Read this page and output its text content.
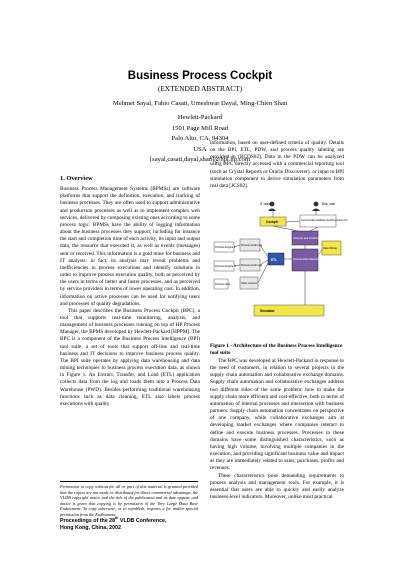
Business Process Cockpit
(EXTENDED ABSTRACT)
Mehmet Sayal, Fabio Casati, Umeshwar Dayal, Ming-Chien Shan
Hewlett-Packard
1501 Page Mill Road
Palo Alto, CA, 94304
USA
[sayal,casati,dayal,shan]@hpl.hp.com
1. Overview

Business Process Management Systems (BPMSs) are software platforms that support the definition, execution, and tracking of business processes. They are often used to support administrative and production processes as well as to implement complex web services, delivered by composing existing ones according to some process logic. BPMSs have the ability of logging information about the business processes they support, including for instance the start and completion time of each activity, its input and output data, the resource that executed it, as well as events (messages) sent or received. This information is a gold mine for business and IT analysts: in fact, its analysis may reveal problems and inefficiencies in process executions and identify solutions in order to improve process execution quality, both as perceived by the users in terms of better and faster processes, and as perceived by service providers in terms of lower operating cost. In addition, information on active processes can be used for notifying users and processes of quality degradations.

This paper describes the Business Process Cockpit (BPC), a tool that supports real-time monitoring, analysis, and management of business processes running on top of HP Process Manager, the BPMS developed by Hewlett-Packard [HPPM]. The BPC is a component of the Business Process Intelligence (BPI) tool suite, a set of tools that support off-line and real-time business and IT decisions to improve business process quality. The BPI suite operates by applying data warehousing and data mining techniques to business process execution data, as shown in Figure 1. An Extract, Transfer, and Load (ETL) application collects data from the log and loads them into a Process Data Warehouse (PWD). Besides performing traditional warehousing functions such as data cleaning, ETL also labels process executions with quality

Permission to copy without fee all or part of this material is granted provided that the copies are not made or distributed for direct commercial advantage, the VLDB copyright notice and the title of the publication and its date appear, and notice is given that copying is by permission of the Very Large Data Base Endowment. To copy otherwise, or to republish, requires a fee and/or special permission from the Endowment
Proceedings of the 28th VLDB Conference,
Hong Kong, China, 2002
information, based on user-defined criteria of quality. Details on the BPI, ETL, PDW, and process quality labeling are provided in [BCDS02]. Data in the PDW can be analyzed using BPC directly accessed with a commercial reporting tool (such as Crystal Reports or Oracle Discoverer), or input to BPI simulation component to derive simulation parameters from real data [JCS02].
IT user	Bus. user
Cockpit	Commercially available OLAP/reporting tool
Process Engine 1
Process Engine N
Process defs
Process Audit Log
Process Audit Log
Other sources
ETL	Process Data Warehouse
Analyzer and Predictor
Data Mining
Simulator
Figure 1 - Architecture of the Business Process Intelligence tool suite

The BPC was developed at Hewlett-Packard in response to the need of customers, in relation to several projects in the supply chain automation and collaborative exchange domains. Supply chain automation and collaborative exchanges address two different sides of the same problem: how to make the supply chain more efficient and cost-effective, both in terms of automation of internal processes and interaction with business partners. Supply chain automation concentrates on perspective of one company, while collaborative exchanges aim at developing market exchanges where companies interact to define and execute business processes. Processes in these domains have some distinguished characteristics, such as having high volume, involving multiple companies in the execution, and providing significant business value and impact as they are immediately related to sales, purchases, profits and revenues.

These characteristics pose demanding requirements to process analysis and management tools. For example, it is essential that users are able to quickly and easily analyze business-level indicators. Moreover, unlike most practical
